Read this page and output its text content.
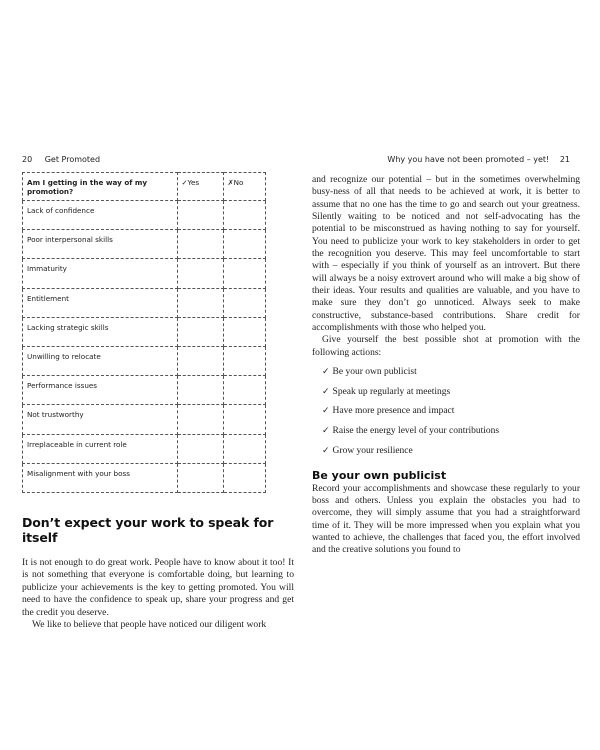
20 Get Promoted	Why you have not been promoted – yet! 21
Am I getting in the way of my promotion?	✓Yes	✗No
Lack of confidence		
Poor interpersonal skills		
Immaturity		
Entitlement		
Lacking strategic skills		
Unwilling to relocate		
Performance issues		
Not trustworthy		
Irreplaceable in current role		
Misalignment with your boss		
Don’t expect your work to speak for itself

It is not enough to do great work. People have to know about it too! It is not something that everyone is comfortable doing, but learning to publicize your achievements is the key to getting promoted. You will need to have the confidence to speak up, share your progress and get the credit you deserve.

We like to believe that people have noticed our diligent work

and recognize our potential – but in the sometimes overwhelming busy-ness of all that needs to be achieved at work, it is better to assume that no one has the time to go and search out your greatness. Silently waiting to be noticed and not self-advocating has the potential to be misconstrued as having nothing to say for yourself. You need to publicize your work to key stakeholders in order to get the recognition you deserve. This may feel uncomfortable to start with – especially if you think of yourself as an introvert. But there will always be a noisy extrovert around who will make a big show of their ideas. Your results and qualities are valuable, and you have to make sure they don’t go unnoticed. Always seek to make constructive, substance-based contributions. Share credit for accomplishments with those who helped you.

Give yourself the best possible shot at promotion with the following actions:

✓ Be your own publicist
✓ Speak up regularly at meetings
✓ Have more presence and impact
✓ Raise the energy level of your contributions
✓ Grow your resilience
Be your own publicist

Record your accomplishments and showcase these regularly to your boss and others. Unless you explain the obstacles you had to overcome, they will simply assume that you had a straightforward time of it. They will be more impressed when you explain what you wanted to achieve, the challenges that faced you, the effort involved and the creative solutions you found to
